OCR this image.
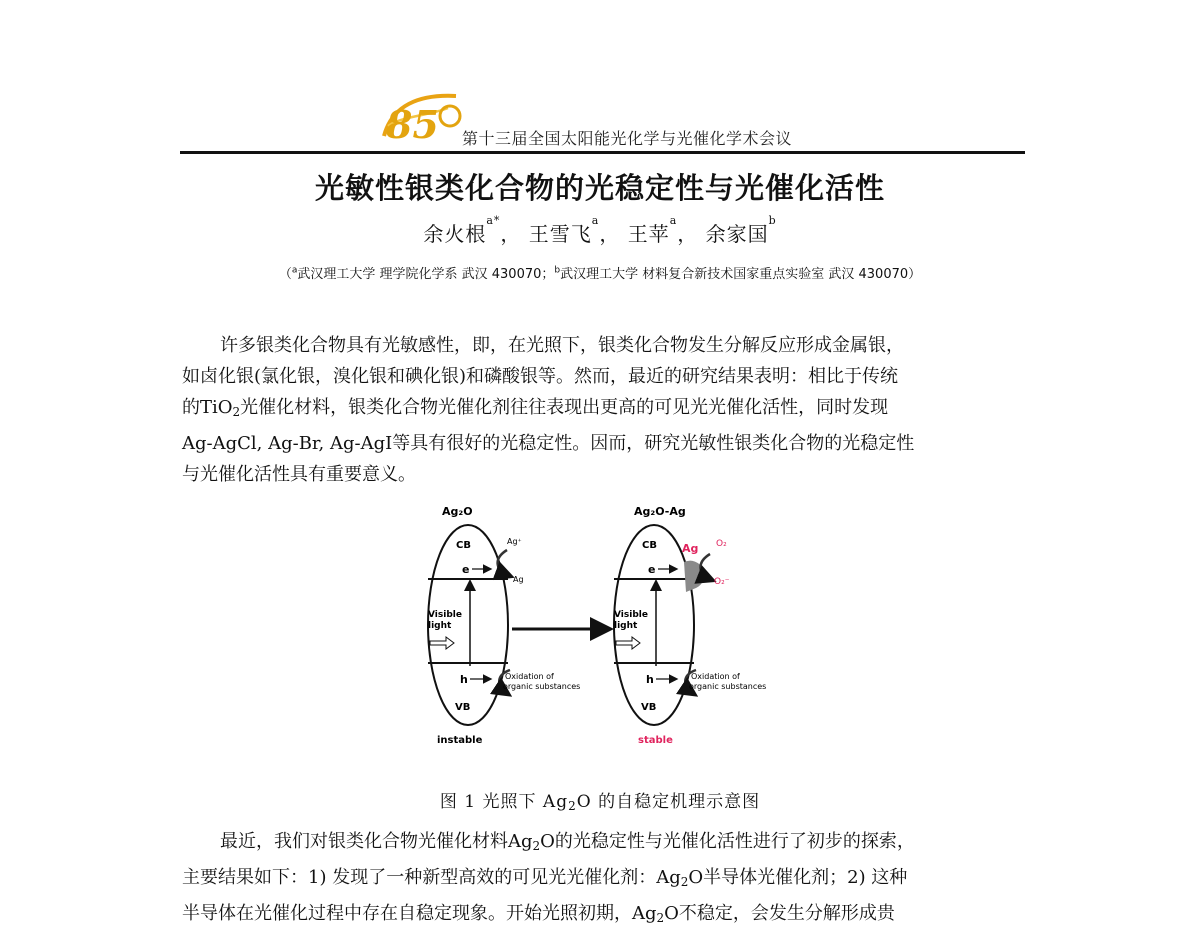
85 第十三届全国太阳能光化学与光催化学术会议
光敏性银类化合物的光稳定性与光催化活性
余火根$^{a*}$， 王雪飞$^a$， 王苹$^a$， 余家国$^b$
（$^a$武汉理工大学 理学院化学系 武汉 430070；$^b$武汉理工大学 材料复合新技术国家重点实验室 武汉 430070）
许多银类化合物具有光敏感性，即，在光照下，银类化合物发生分解反应形成金属银，
如卤化银(氯化银，溴化银和碘化银)和磷酸银等。然而，最近的研究结果表明：相比于传统
的TiO$_2$光催化材料，银类化合物光催化剂往往表现出更高的可见光光催化活性，同时发现
Ag-AgCl, Ag-Br, Ag-AgI等具有很好的光稳定性。因而，研究光敏性银类化合物的光稳定性
与光催化活性具有重要意义。
Ag₂O
CB
VB
e
h
Visible
light
Ag⁺
Ag
Oxidation of
organic substances
instable
Ag₂O-Ag
CB
VB
e
Ag O₂
O₂⁻
h
Visible
light
Oxidation of
organic substances
stable
图 1 光照下 $Ag_2O$ 的自稳定机理示意图
最近，我们对银类化合物光催化材料$Ag_2O$的光稳定性与光催化活性进行了初步的探索，
主要结果如下：1) 发现了一种新型高效的可见光光催化剂：$Ag_2O$半导体光催化剂；2) 这种
半导体在光催化过程中存在自稳定现象。开始光照初期，$Ag_2O$不稳定，会发生分解形成贵
